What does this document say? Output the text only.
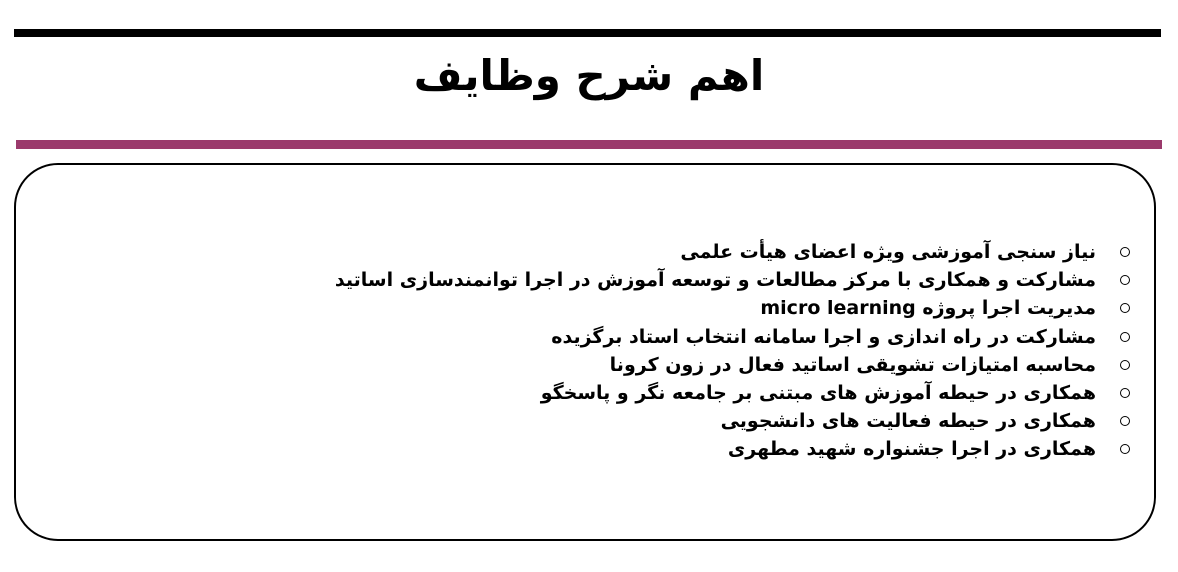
اهم شرح وظایف
نیاز سنجی آموزشی ویژه اعضای هیأت علمی
مشارکت و همکاری با مرکز مطالعات و توسعه آموزش در اجرا توانمندسازی اساتید
مدیریت اجرا پروژه micro learning
مشارکت در راه اندازی و اجرا سامانه انتخاب استاد برگزیده
محاسبه امتیازات تشویقی اساتید فعال در زون کرونا
همکاری در حیطه آموزش های مبتنی بر جامعه نگر و پاسخگو
همکاری در حیطه فعالیت های دانشجویی
همکاری در اجرا جشنواره شهید مطهری
